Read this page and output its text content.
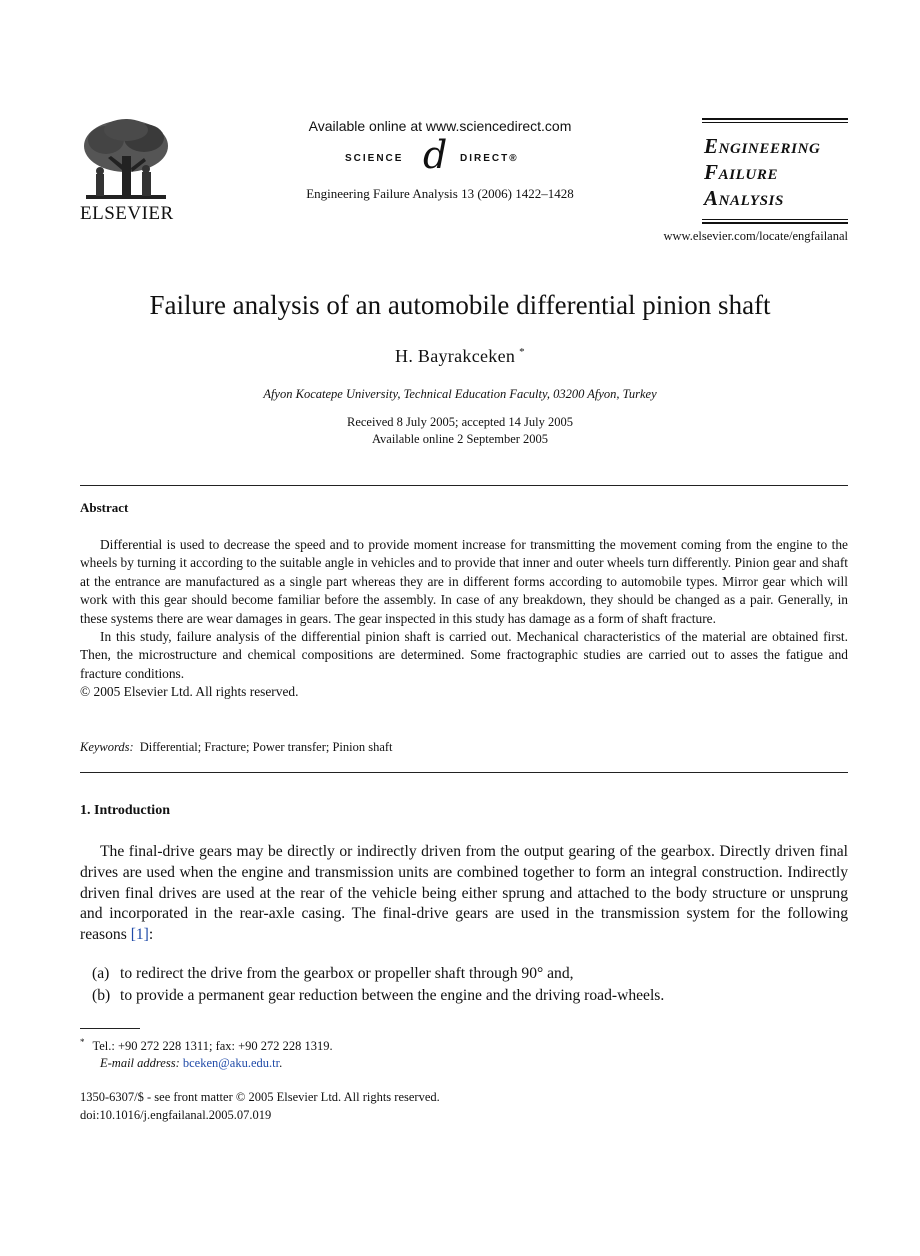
ELSEVIER
Available online at www.sciencedirect.com
SCIENCE d DIRECT®
Engineering Failure Analysis 13 (2006) 1422–1428
ENGINEERING
FAILURE
ANALYSIS
www.elsevier.com/locate/engfailanal
Failure analysis of an automobile differential pinion shaft
H. Bayrakceken *
Afyon Kocatepe University, Technical Education Faculty, 03200 Afyon, Turkey
Received 8 July 2005; accepted 14 July 2005
Available online 2 September 2005
Abstract

Differential is used to decrease the speed and to provide moment increase for transmitting the movement coming from the engine to the wheels by turning it according to the suitable angle in vehicles and to provide that inner and outer wheels turn differently. Pinion gear and shaft at the entrance are manufactured as a single part whereas they are in different forms according to automobile types. Mirror gear which will work with this gear should become familiar before the assembly. In case of any breakdown, they should be changed as a pair. Generally, in these systems there are wear damages in gears. The gear inspected in this study has damage as a form of shaft fracture.

In this study, failure analysis of the differential pinion shaft is carried out. Mechanical characteristics of the material are obtained first. Then, the microstructure and chemical compositions are determined. Some fractographic studies are carried out to asses the fatigue and fracture conditions.

© 2005 Elsevier Ltd. All rights reserved.

Keywords: Differential; Fracture; Power transfer; Pinion shaft
1. Introduction

The final-drive gears may be directly or indirectly driven from the output gearing of the gearbox. Directly driven final drives are used when the engine and transmission units are combined together to form an integral construction. Indirectly driven final drives are used at the rear of the vehicle being either sprung and attached to the body structure or unsprung and incorporated in the rear-axle casing. The final-drive gears are used in the transmission system for the following reasons [1]:

(a) to redirect the drive from the gearbox or propeller shaft through 90° and,
(b) to provide a permanent gear reduction between the engine and the driving road-wheels.
* Tel.: +90 272 228 1311; fax: +90 272 228 1319.
E-mail address: bceken@aku.edu.tr.
1350-6307/$ - see front matter © 2005 Elsevier Ltd. All rights reserved.
doi:10.1016/j.engfailanal.2005.07.019
